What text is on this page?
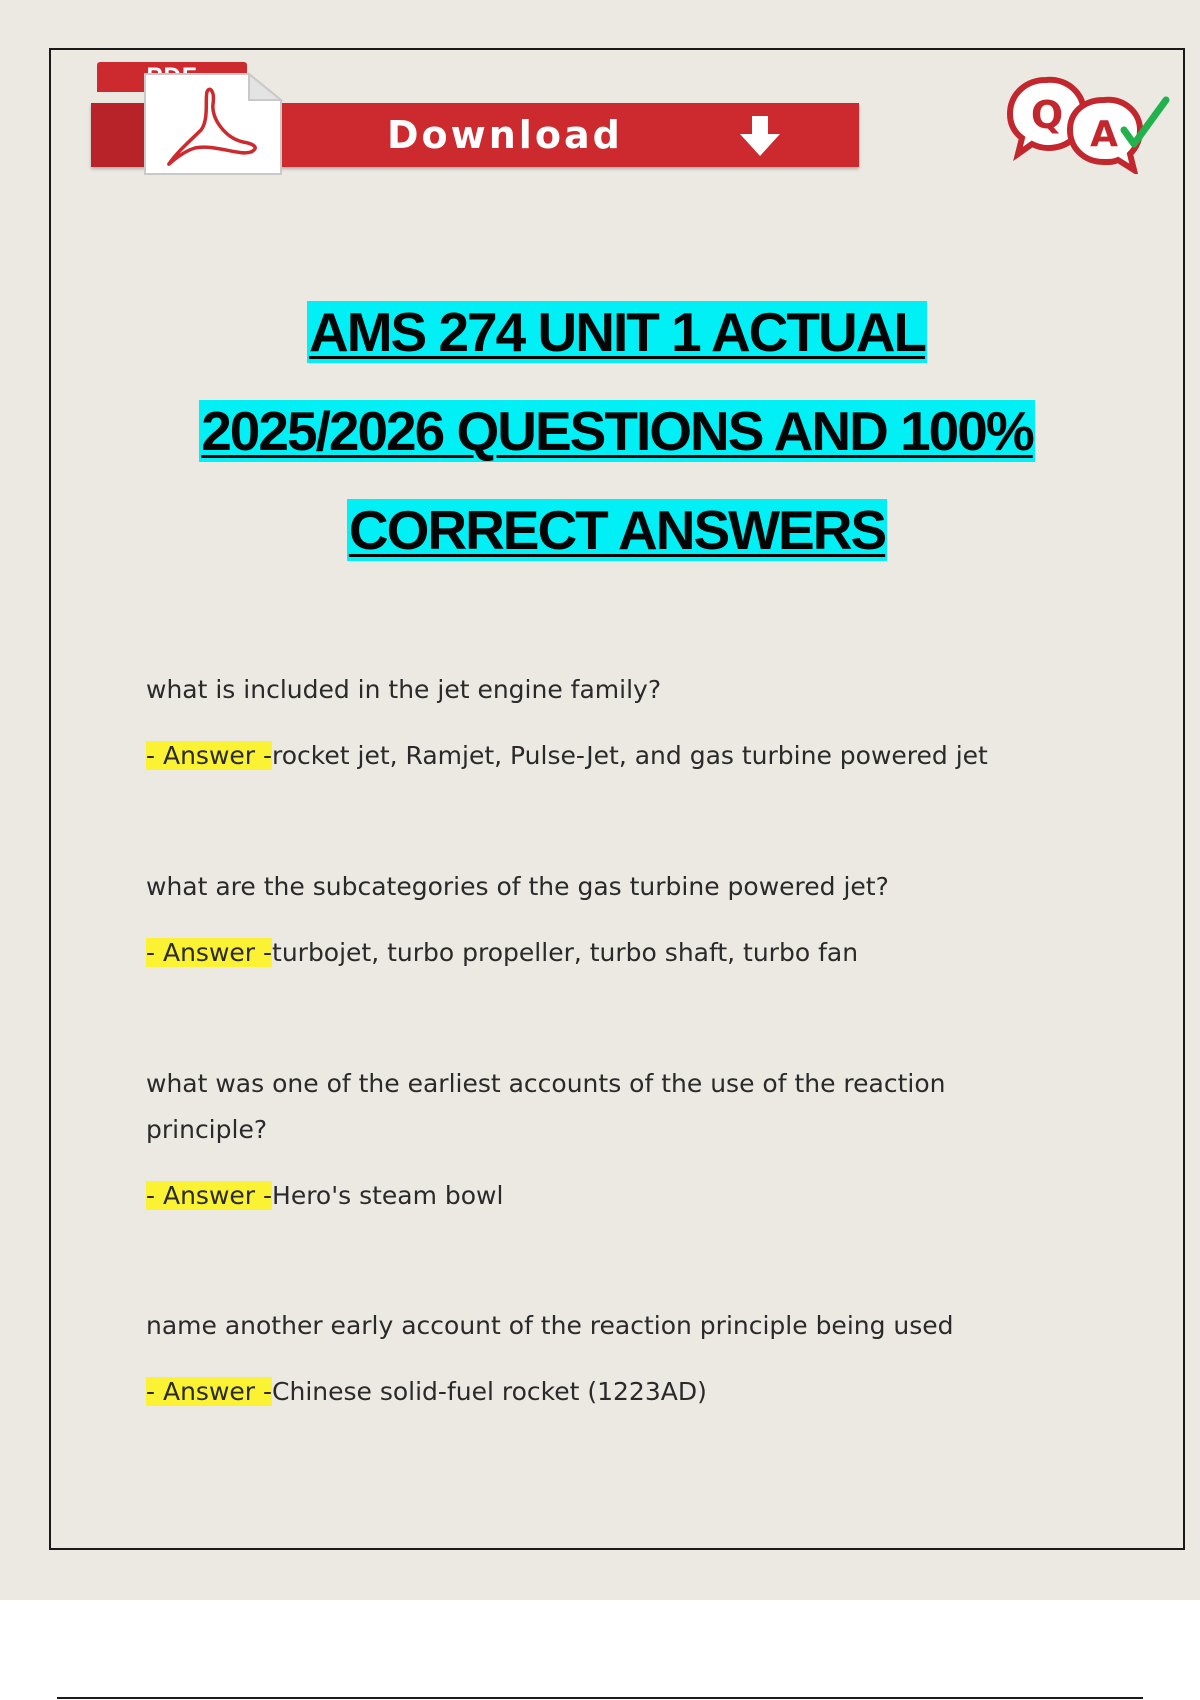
Download	Q A
AMS 274 UNIT 1 ACTUAL
2025/2026 QUESTIONS AND 100%
CORRECT ANSWERS
what is included in the jet engine family?
- Answer -rocket jet, Ramjet, Pulse-Jet, and gas turbine powered jet
what are the subcategories of the gas turbine powered jet?
- Answer -turbojet, turbo propeller, turbo shaft, turbo fan
what was one of the earliest accounts of the use of the reaction
principle?
- Answer -Hero's steam bowl
name another early account of the reaction principle being used
- Answer -Chinese solid-fuel rocket (1223AD)
